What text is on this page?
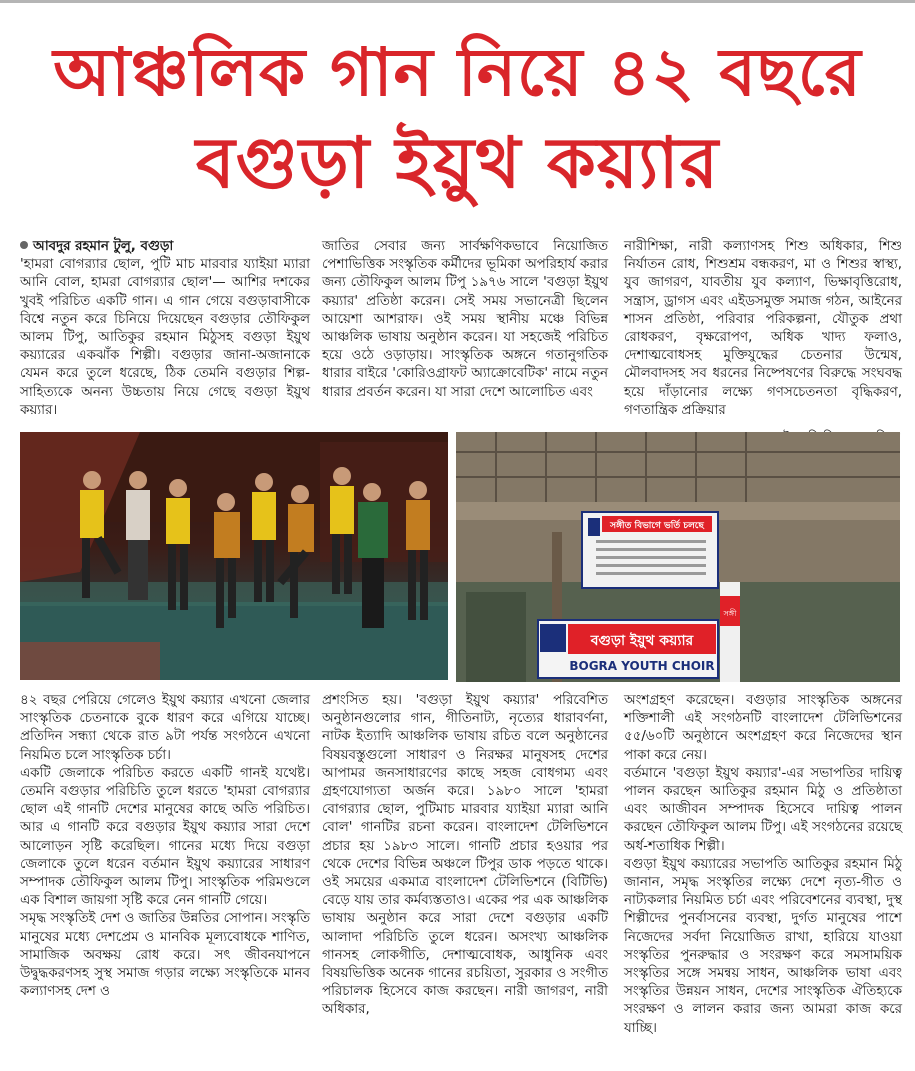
আঞ্চলিক গান নিয়ে ৪২ বছরে
বগুড়া ইয়ুথ কয়্যার

আবদুর রহমান টুলু, বগুড়া

'হামরা বোগর‍্যার ছোল, পুটি মাচ মারবার য্যাইয়া ম্যারা আনি বোল, হামরা বোগর‍্যার ছোল'— আশির দশকের খুবই পরিচিত একটি গান। এ গান গেয়ে বগুড়াবাসীকে বিশ্বে নতুন করে চিনিয়ে দিয়েছেন বগুড়ার তৌফিকুল আলম টিপু, আতিকুর রহমান মিঠুসহ বগুড়া ইয়ুথ কয়্যারের একঝাঁক শিল্পী। বগুড়ার জানা-অজানাকে যেমন করে তুলে ধরেছে, ঠিক তেমনি বগুড়ার শিল্প-সাহিত্যকে অনন্য উচ্চতায় নিয়ে গেছে বগুড়া ইয়ুথ কয়্যার।

জাতির সেবার জন্য সার্বক্ষণিকভাবে নিয়োজিত পেশাভিত্তিক সংস্কৃতিক কর্মীদের ভূমিকা অপরিহার্য করার জন্য তৌফিকুল আলম টিপু ১৯৭৬ সালে 'বগুড়া ইয়ুথ কয়্যার' প্রতিষ্ঠা করেন। সেই সময় সভানেত্রী ছিলেন আয়েশা আশরাফ। ওই সময় স্থানীয় মঞ্চে বিভিন্ন আঞ্চলিক ভাষায় অনুষ্ঠান করেন। যা সহজেই পরিচিত হয়ে ওঠে ওড়াড়ায়। সাংস্কৃতিক অঙ্গনে গতানুগতিক ধারার বাইরে 'কোরিওগ্রাফট অ্যাক্রোবেটিক' নামে নতুন ধারার প্রবর্তন করেন। যা সারা দেশে আলোচিত এবং

নারীশিক্ষা, নারী কল্যাণসহ শিশু অধিকার, শিশু নির্যাতন রোধ, শিশুশ্রম বন্ধকরণ, মা ও শিশুর স্বাস্থ্য, যুব জাগরণ, যাবতীয় যুব কল্যাণ, ভিক্ষাবৃত্তিরোধ, সন্ত্রাস, ড্রাগস এবং এইডসমুক্ত সমাজ গঠন, আইনের শাসন প্রতিষ্ঠা, পরিবার পরিকল্পনা, যৌতুক প্রথা রোধকরণ, বৃক্ষরোপণ, অধিক খাদ্য ফলাও, দেশাত্মবোধসহ মুক্তিযুদ্ধের চেতনার উন্মেষ, মৌলবাদসহ সব ধরনের নিষ্পেষণের বিরুদ্ধে সংঘবদ্ধ হয়ে দাঁড়ানোর লক্ষ্যে গণসচেতনতা বৃদ্ধিকরণ, গণতান্ত্রিক প্রক্রিয়ার

সঙ্গীত বিভাগে ভর্তি চলছে
বগুড়া ইয়ুথ কয়্যার
BOGRA YOUTH CHOIR
সঙ্গী

৪২ বছর পেরিয়ে গেলেও ইয়ুথ কয়্যার এখনো জেলার সাংস্কৃতিক চেতনাকে বুকে ধারণ করে এগিয়ে যাচ্ছে। প্রতিদিন সন্ধ্যা থেকে রাত ৯টা পর্যন্ত সংগঠনে এখনো নিয়মিত চলে সাংস্কৃতিক চর্চা।

একটি জেলাকে পরিচিত করতে একটি গানই যথেষ্ট। তেমনি বগুড়ার পরিচিতি তুলে ধরতে 'হামরা বোগর‍্যার ছোল এই গানটি দেশের মানুষের কাছে অতি পরিচিত। আর এ গানটি করে বগুড়ার ইয়ুথ কয়্যার সারা দেশে আলোড়ন সৃষ্টি করেছিল। গানের মধ্যে দিয়ে বগুড়া জেলাকে তুলে ধরেন বর্তমান ইয়ুথ কয়্যারের সাধারণ সম্পাদক তৌফিকুল আলম টিপু। সাংস্কৃতিক পরিমণ্ডলে এক বিশাল জায়গা সৃষ্টি করে নেন গানটি গেয়ে।

সমৃদ্ধ সংস্কৃতিই দেশ ও জাতির উন্নতির সোপান। সংস্কৃতি মানুষের মধ্যে দেশপ্রেম ও মানবিক মূল্যবোধকে শাণিত, সামাজিক অবক্ষয় রোধ করে। সৎ জীবনযাপনে উদ্বুদ্ধকরণসহ সুস্থ সমাজ গড়ার লক্ষ্যে সংস্কৃতিকে মানব কল্যাণসহ দেশ ও

প্রশংসিত হয়। 'বগুড়া ইয়ুথ কয়্যার' পরিবেশিত অনুষ্ঠানগুলোর গান, গীতিনাট্য, নৃত্যের ধারাবর্ণনা, নাটক ইত্যাদি আঞ্চলিক ভাষায় রচিত বলে অনুষ্ঠানের বিষয়বস্তুগুলো সাধারণ ও নিরক্ষর মানুষসহ দেশের আপামর জনসাধারণের কাছে সহজ বোধগম্য এবং গ্রহণযোগ্যতা অর্জন করে। ১৯৮০ সালে 'হামরা বোগর‍্যার ছোল, পুটিমাচ মারবার য্যাইয়া ম্যারা আনি বোল' গানটির রচনা করেন। বাংলাদেশ টেলিভিশনে প্রচার হয় ১৯৮৩ সালে। গানটি প্রচার হওয়ার পর থেকে দেশের বিভিন্ন অঞ্চলে টিপুর ডাক পড়তে থাকে। ওই সময়ের একমাত্র বাংলাদেশ টেলিভিশনে (বিটিভি) বেড়ে যায় তার কর্মব্যস্ততাও। একের পর এক আঞ্চলিক ভাষায় অনুষ্ঠান করে সারা দেশে বগুড়ার একটি আলাদা পরিচিতি তুলে ধরেন। অসংখ্য আঞ্চলিক গানসহ লোকগীতি, দেশাত্মবোধক, আধুনিক এবং বিষয়ভিত্তিক অনেক গানের রচয়িতা, সুরকার ও সংগীত পরিচালক হিসেবে কাজ করছেন। নারী জাগরণ, নারী অধিকার,

অংশগ্রহণ করেছেন। বগুড়ার সাংস্কৃতিক অঙ্গনের শক্তিশালী এই সংগঠনটি বাংলাদেশ টেলিভিশনের ৫৫/৬০টি অনুষ্ঠানে অংশগ্রহণ করে নিজেদের স্থান পাকা করে নেয়।

বর্তমানে 'বগুড়া ইয়ুথ কয়্যার'-এর সভাপতির দায়িত্ব পালন করছেন আতিকুর রহমান মিঠু ও প্রতিষ্ঠাতা এবং আজীবন সম্পাদক হিসেবে দায়িত্ব পালন করছেন তৌফিকুল আলম টিপু। এই সংগঠনের রয়েছে অর্ধ-শতাধিক শিল্পী।

বগুড়া ইয়ুথ কয়্যারের সভাপতি আতিকুর রহমান মিঠু জানান, সমৃদ্ধ সংস্কৃতির লক্ষ্যে দেশে নৃত্য-গীত ও নাট্যকলার নিয়মিত চর্চা এবং পরিবেশনের ব্যবস্থা, দুস্থ শিল্পীদের পুনর্বাসনের ব্যবস্থা, দুর্গত মানুষের পাশে নিজেদের সর্বদা নিয়োজিত রাখা, হারিয়ে যাওয়া সংস্কৃতির পুনরুদ্ধার ও সংরক্ষণ করে সমসাময়িক সংস্কৃতির সঙ্গে সমন্বয় সাধন, আঞ্চলিক ভাষা এবং সংস্কৃতির উন্নয়ন সাধন, দেশের সাংস্কৃতিক ঐতিহ্যকে সংরক্ষণ ও লালন করার জন্য আমরা কাজ করে যাচ্ছি।
